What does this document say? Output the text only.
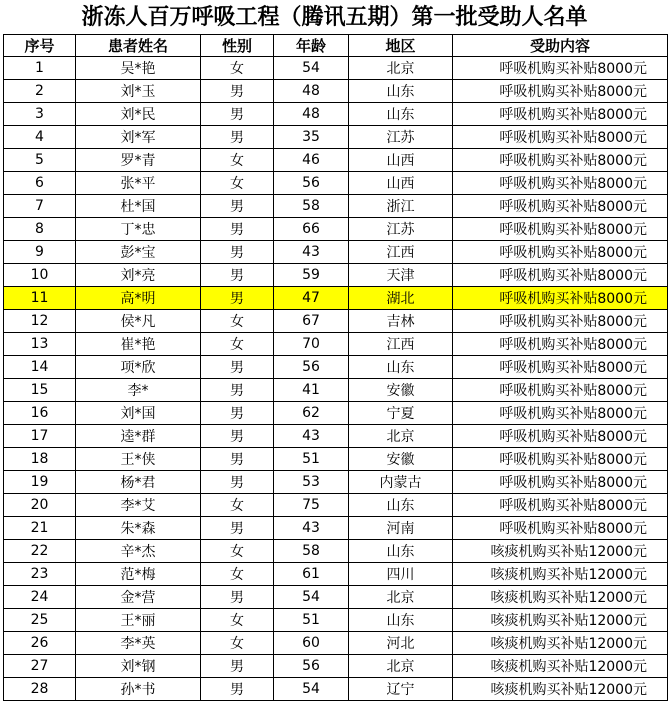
浙冻人百万呼吸工程（腾讯五期）第一批受助人名单
序号	患者姓名	性别	年龄	地区	受助内容
1	吴*艳	女	54	北京	呼吸机购买补贴8000元
2	刘*玉	男	48	山东	呼吸机购买补贴8000元
3	刘*民	男	48	山东	呼吸机购买补贴8000元
4	刘*军	男	35	江苏	呼吸机购买补贴8000元
5	罗*青	女	46	山西	呼吸机购买补贴8000元
6	张*平	女	56	山西	呼吸机购买补贴8000元
7	杜*国	男	58	浙江	呼吸机购买补贴8000元
8	丁*忠	男	66	江苏	呼吸机购买补贴8000元
9	彭*宝	男	43	江西	呼吸机购买补贴8000元
10	刘*亮	男	59	天津	呼吸机购买补贴8000元
11	高*明	男	47	湖北	呼吸机购买补贴8000元
12	侯*凡	女	67	吉林	呼吸机购买补贴8000元
13	崔*艳	女	70	江西	呼吸机购买补贴8000元
14	项*欣	男	56	山东	呼吸机购买补贴8000元
15	李*	男	41	安徽	呼吸机购买补贴8000元
16	刘*国	男	62	宁夏	呼吸机购买补贴8000元
17	逵*群	男	43	北京	呼吸机购买补贴8000元
18	王*侠	男	51	安徽	呼吸机购买补贴8000元
19	杨*君	男	53	内蒙古	呼吸机购买补贴8000元
20	李*艾	女	75	山东	呼吸机购买补贴8000元
21	朱*森	男	43	河南	呼吸机购买补贴8000元
22	辛*杰	女	58	山东	咳痰机购买补贴12000元
23	范*梅	女	61	四川	咳痰机购买补贴12000元
24	金*营	男	54	北京	咳痰机购买补贴12000元
25	王*丽	女	51	山东	咳痰机购买补贴12000元
26	李*英	女	60	河北	咳痰机购买补贴12000元
27	刘*钢	男	56	北京	咳痰机购买补贴12000元
28	孙*书	男	54	辽宁	咳痰机购买补贴12000元
